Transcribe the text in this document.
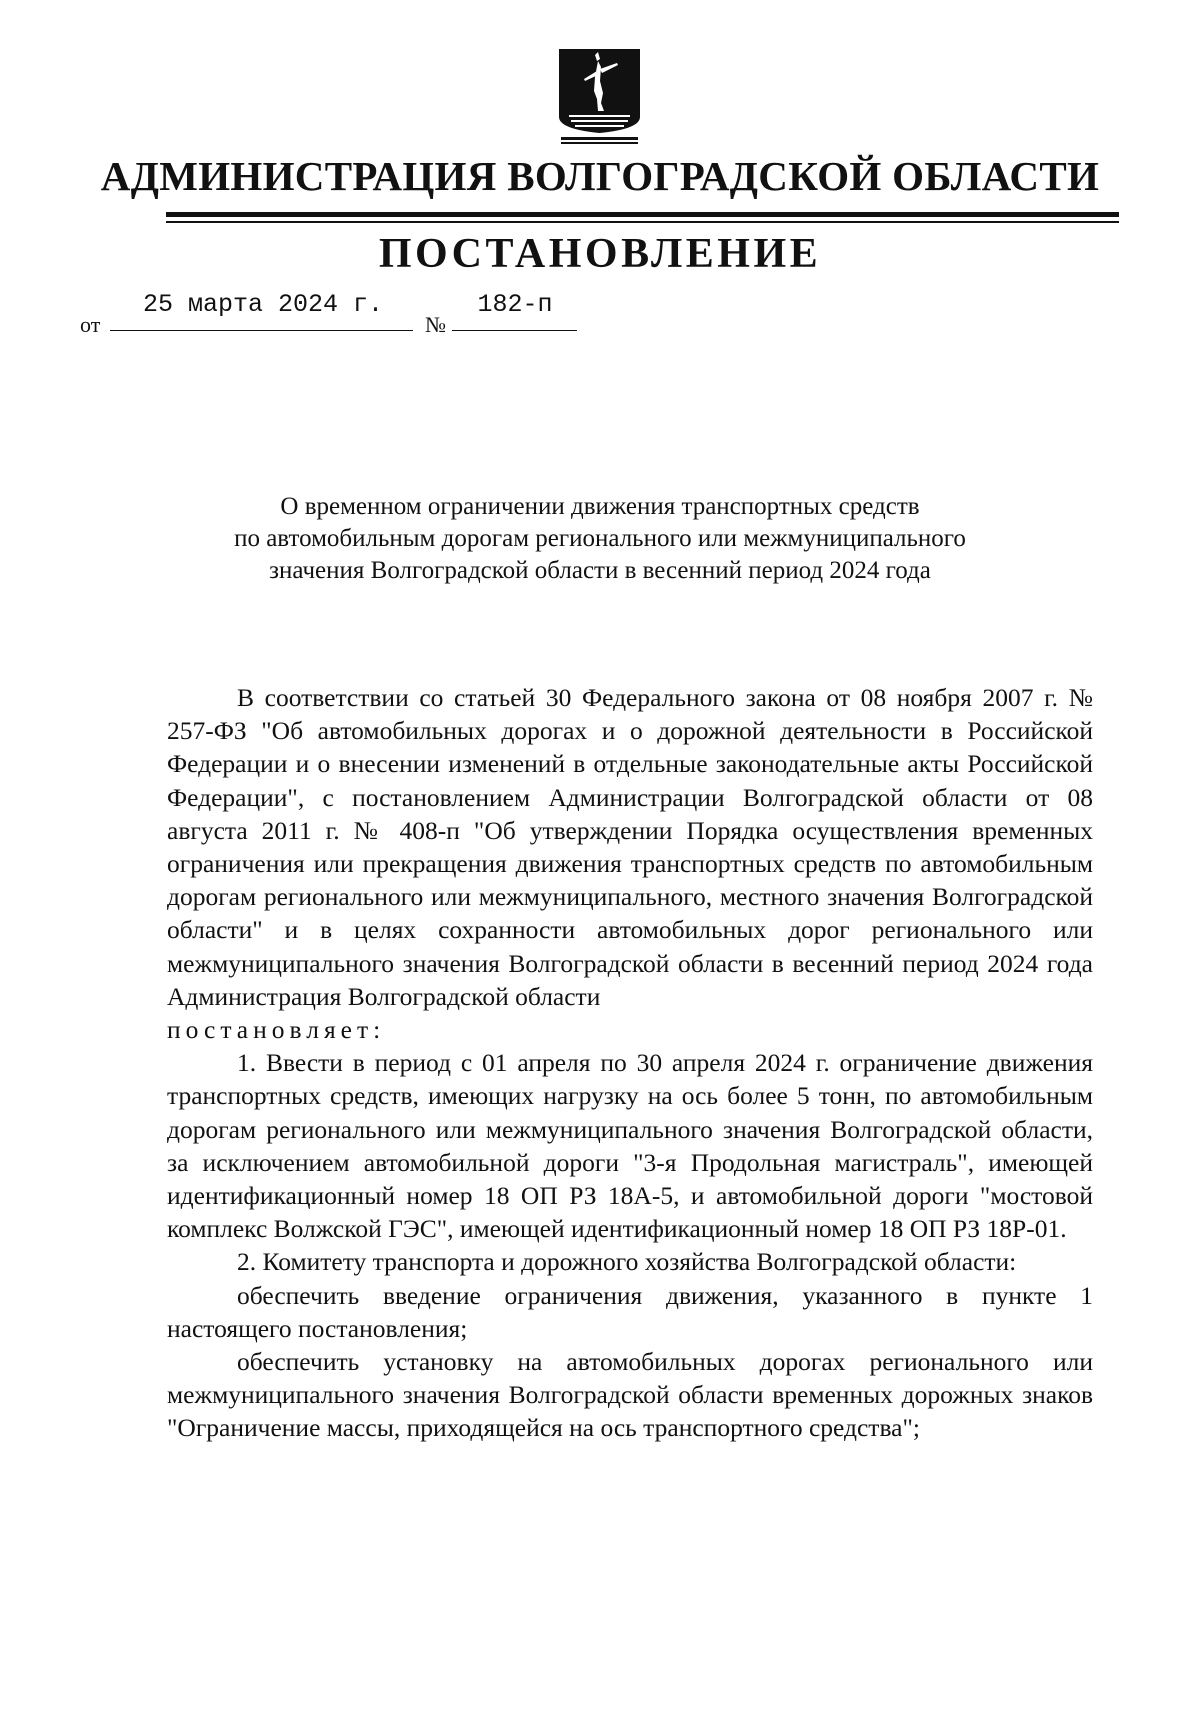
АДМИНИСТРАЦИЯ ВОЛГОГРАДСКОЙ ОБЛАСТИ
ПОСТАНОВЛЕНИЕ
от
25 марта 2024 г.
№
182-п
О временном ограничении движения транспортных средств
по автомобильным дорогам регионального или межмуниципального
значения Волгоградской области в весенний период 2024 года

В соответствии со статьей 30 Федерального закона от 08 ноября 2007 г. № 257-ФЗ "Об автомобильных дорогах и о дорожной деятельности в Российской Федерации и о внесении изменений в отдельные законодательные акты Российской Федерации", с постановлением Администрации Волгоградской области от 08 августа 2011 г. № 408-п "Об утверждении Порядка осуществления временных ограничения или прекращения движения транспортных средств по автомобильным дорогам регионального или межмуниципального, местного значения Волгоградской области" и в целях сохранности автомобильных дорог регионального или межмуниципального значения Волгоградской области в весенний период 2024 года Администрация Волгоградской области

постановляет:

1. Ввести в период с 01 апреля по 30 апреля 2024 г. ограничение движения транспортных средств, имеющих нагрузку на ось более 5 тонн, по автомобильным дорогам регионального или межмуниципального значения Волгоградской области, за исключением автомобильной дороги "3-я Продольная магистраль", имеющей идентификационный номер 18 ОП РЗ 18А-5, и автомобильной дороги "мостовой комплекс Волжской ГЭС", имеющей идентификационный номер 18 ОП РЗ 18Р-01.

2. Комитету транспорта и дорожного хозяйства Волгоградской области:

обеспечить введение ограничения движения, указанного в пункте 1 настоящего постановления;

обеспечить установку на автомобильных дорогах регионального или межмуниципального значения Волгоградской области временных дорожных знаков "Ограничение массы, приходящейся на ось транспортного средства";
